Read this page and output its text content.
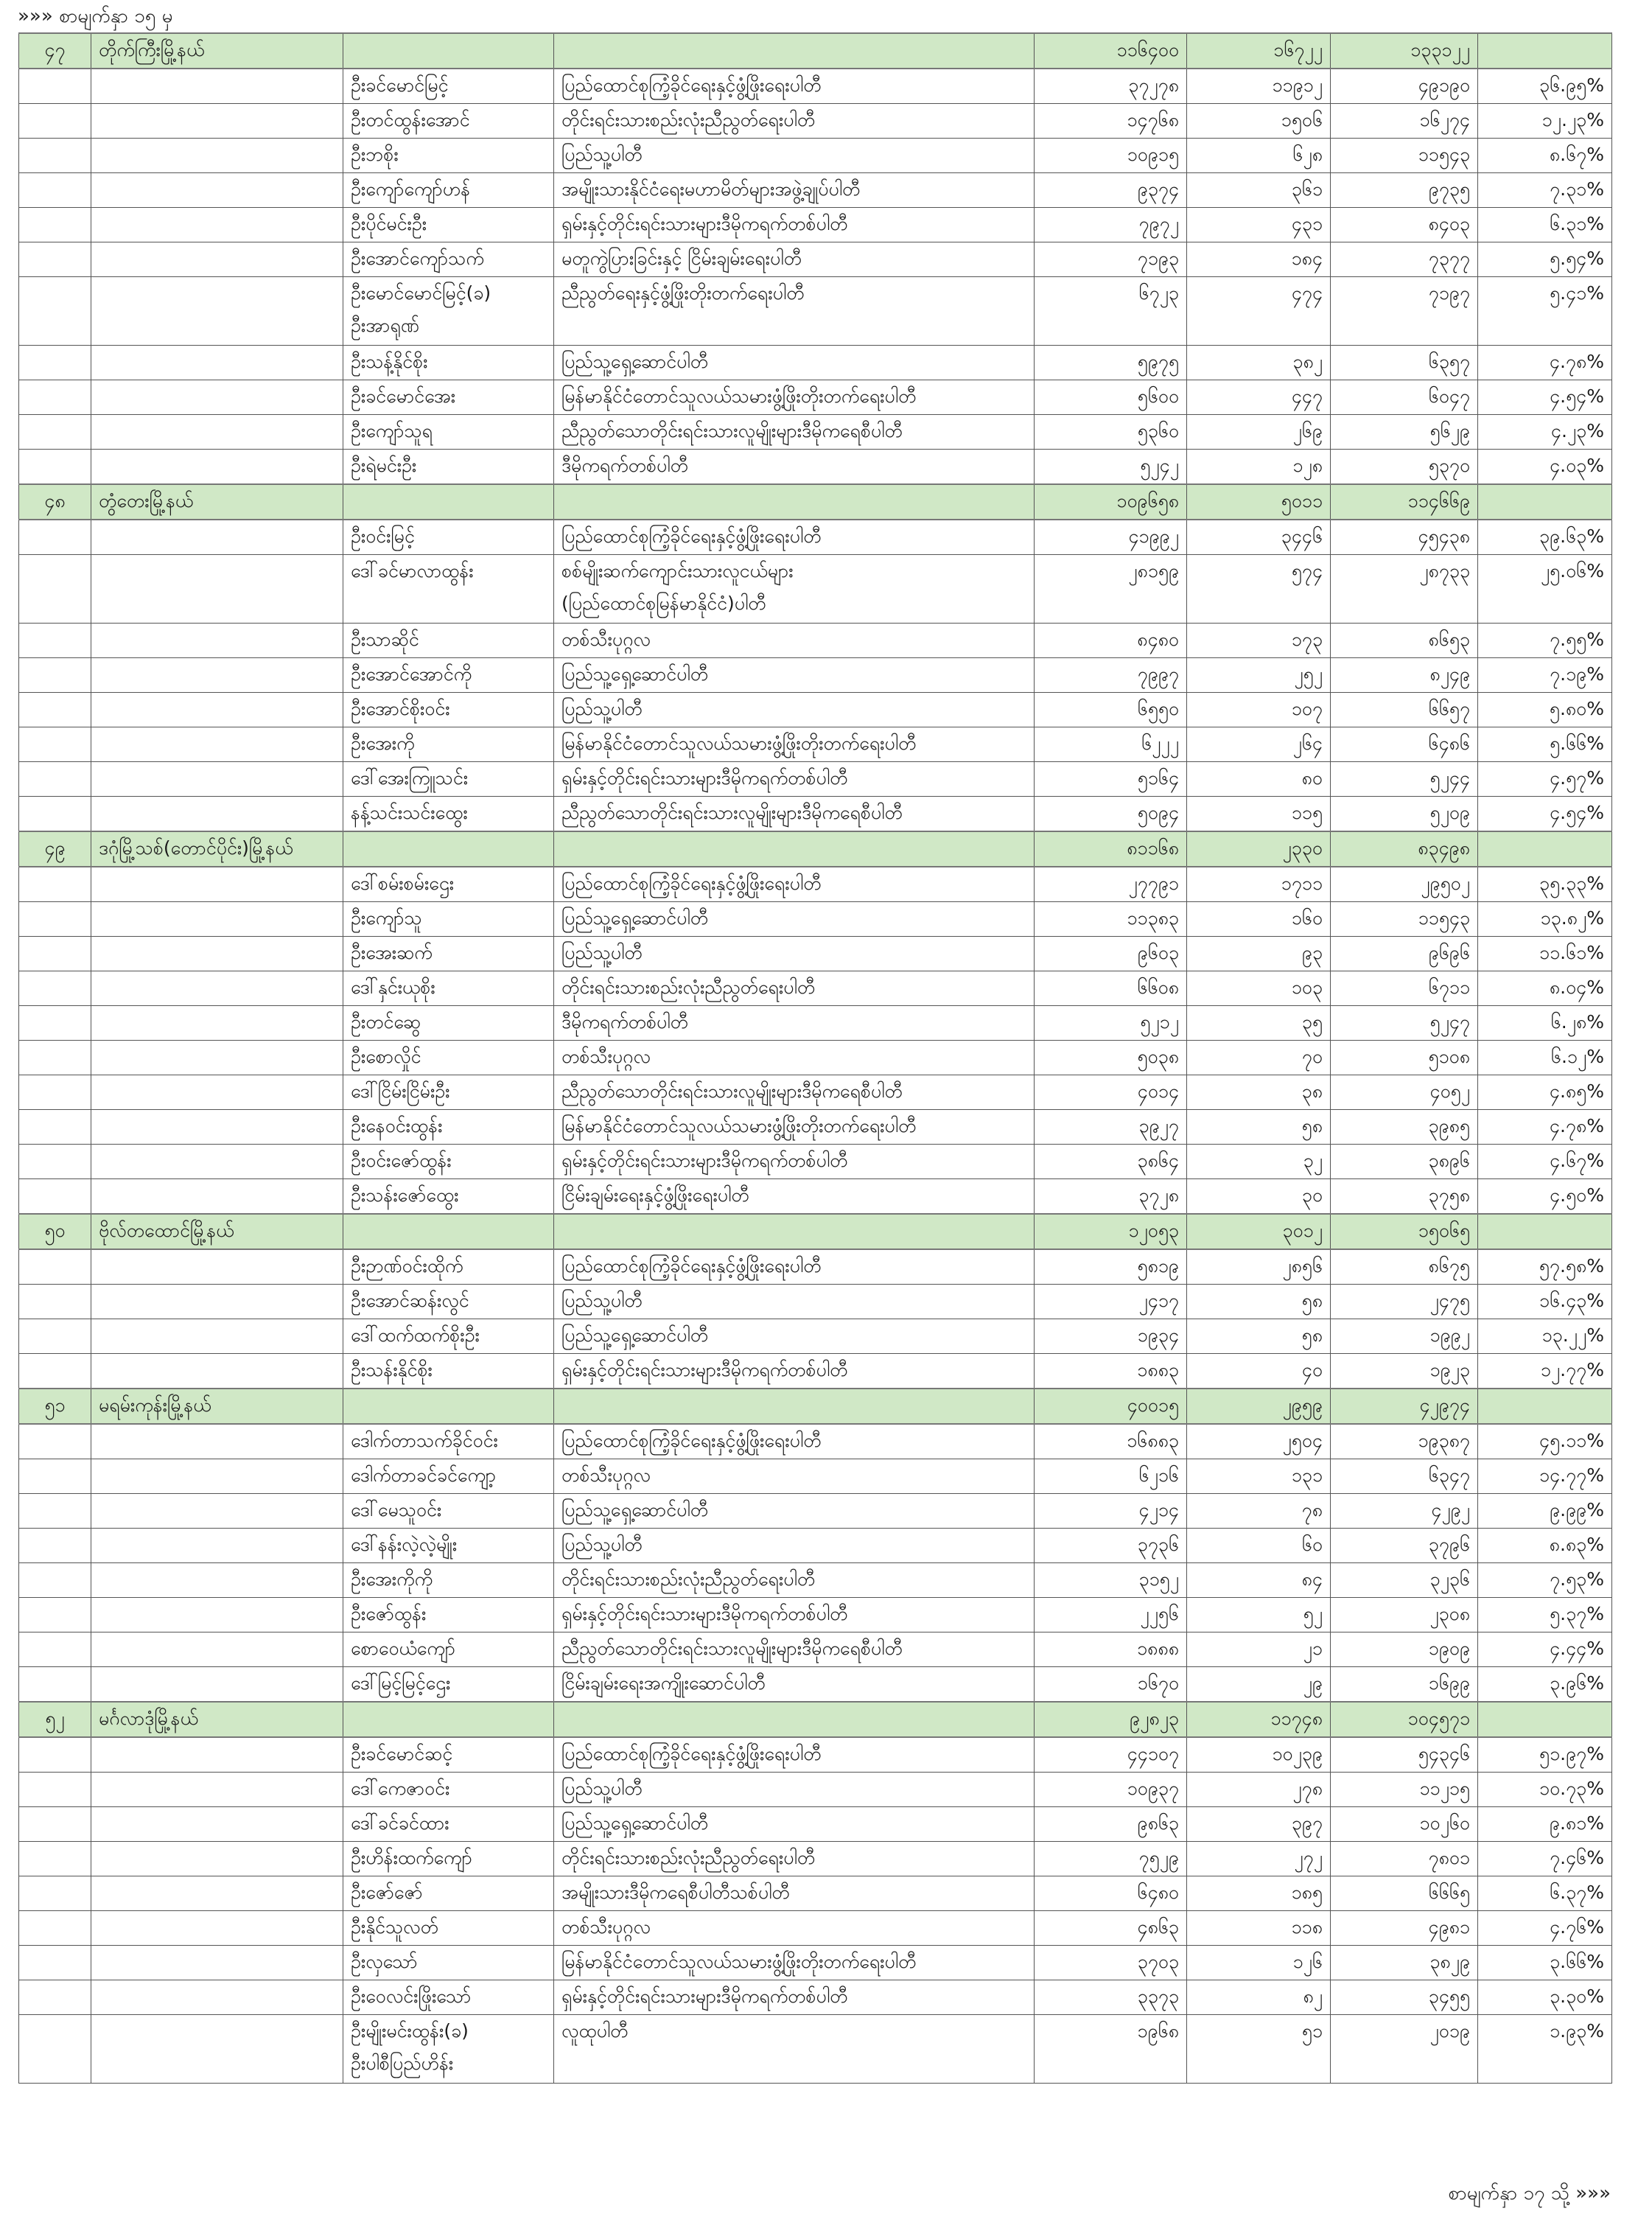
»»» စာမျက်နှာ ၁၅ မှ
၄၇	တိုက်ကြီးမြို့နယ်			၁၁၆၄၀၀	၁၆၇၂၂	၁၃၃၁၂၂	

		ဦးခင်မောင်မြင့်	ပြည်ထောင်စုကြံ့ခိုင်ရေးနှင့်ဖွံ့ဖြိုးရေးပါတီ	၃၇၂၇၈	၁၁၉၁၂	၄၉၁၉၀	၃၆.၉၅%

		ဦးတင်ထွန်းအောင်	တိုင်းရင်းသားစည်းလုံးညီညွတ်ရေးပါတီ	၁၄၇၆၈	၁၅၀၆	၁၆၂၇၄	၁၂.၂၃%

		ဦးဘစိုး	ပြည်သူ့ပါတီ	၁၀၉၁၅	၆၂၈	၁၁၅၄၃	၈.၆၇%

		ဦးကျော်ကျော်ဟန်	အမျိုးသားနိုင်ငံရေးမဟာမိတ်များအဖွဲ့ချုပ်ပါတီ	၉၃၇၄	၃၆၁	၉၇၃၅	၇.၃၁%

		ဦးပိုင်မင်းဦး	ရှမ်းနှင့်တိုင်းရင်းသားများဒီမိုကရက်တစ်ပါတီ	၇၉၇၂	၄၃၁	၈၄၀၃	၆.၃၁%

		ဦးအောင်ကျော်သက်	မတူကွဲပြားခြင်းနှင့် ငြိမ်းချမ်းရေးပါတီ	၇၁၉၃	၁၈၄	၇၃၇၇	၅.၅၄%

		ဦးမောင်မောင်မြင့်(ခ)
ဦးအာရုဏ်	ညီညွတ်ရေးနှင့်ဖွံ့ဖြိုးတိုးတက်ရေးပါတီ	၆၇၂၃	၄၇၄	၇၁၉၇	၅.၄၁%

		ဦးသန့်နိုင်စိုး	ပြည်သူ့ရှေ့ဆောင်ပါတီ	၅၉၇၅	၃၈၂	၆၃၅၇	၄.၇၈%

		ဦးခင်မောင်အေး	မြန်မာနိုင်ငံတောင်သူလယ်သမားဖွံ့ဖြိုးတိုးတက်ရေးပါတီ	၅၆၀၀	၄၄၇	၆၀၄၇	၄.၅၄%

		ဦးကျော်သူရ	ညီညွတ်သောတိုင်းရင်းသားလူမျိုးများဒီမိုကရေစီပါတီ	၅၃၆၀	၂၆၉	၅၆၂၉	၄.၂၃%

		ဦးရဲမင်းဦး	ဒီမိုကရက်တစ်ပါတီ	၅၂၄၂	၁၂၈	၅၃၇၀	၄.၀၃%
၄၈	တွံတေးမြို့နယ်			၁၀၉၆၅၈	၅၀၁၁	၁၁၄၆၆၉	

		ဦးဝင်းမြင့်	ပြည်ထောင်စုကြံ့ခိုင်ရေးနှင့်ဖွံ့ဖြိုးရေးပါတီ	၄၁၉၉၂	၃၄၄၆	၄၅၄၃၈	၃၉.၆၃%

		ဒေါ်ခင်မာလာထွန်း	စစ်မျိုးဆက်ကျောင်းသားလူငယ်များ
(ပြည်ထောင်စုမြန်မာနိုင်ငံ)ပါတီ	၂၈၁၅၉	၅၇၄	၂၈၇၃၃	၂၅.၀၆%

		ဦးသာဆိုင်	တစ်သီးပုဂ္ဂလ	၈၄၈၀	၁၇၃	၈၆၅၃	၇.၅၅%

		ဦးအောင်အောင်ကို	ပြည်သူ့ရှေ့ဆောင်ပါတီ	၇၉၉၇	၂၅၂	၈၂၄၉	၇.၁၉%

		ဦးအောင်စိုးဝင်း	ပြည်သူ့ပါတီ	၆၅၅၀	၁၀၇	၆၆၅၇	၅.၈၀%

		ဦးအေးကို	မြန်မာနိုင်ငံတောင်သူလယ်သမားဖွံ့ဖြိုးတိုးတက်ရေးပါတီ	၆၂၂၂	၂၆၄	၆၄၈၆	၅.၆၆%

		ဒေါ်အေးကြူသင်း	ရှမ်းနှင့်တိုင်းရင်းသားများဒီမိုကရက်တစ်ပါတီ	၅၁၆၄	၈၀	၅၂၄၄	၄.၅၇%

		နန့်သင်းသင်းထွေး	ညီညွတ်သောတိုင်းရင်းသားလူမျိုးများဒီမိုကရေစီပါတီ	၅၀၉၄	၁၁၅	၅၂၀၉	၄.၅၄%
၄၉	ဒဂုံမြို့သစ်(တောင်ပိုင်း)မြို့နယ်			၈၁၁၆၈	၂၃၃၀	၈၃၄၉၈	

		ဒေါ်စမ်းစမ်းဌေး	ပြည်ထောင်စုကြံ့ခိုင်ရေးနှင့်ဖွံ့ဖြိုးရေးပါတီ	၂၇၇၉၁	၁၇၁၁	၂၉၅၀၂	၃၅.၃၃%

		ဦးကျော်သူ	ပြည်သူ့ရှေ့ဆောင်ပါတီ	၁၁၃၈၃	၁၆၀	၁၁၅၄၃	၁၃.၈၂%

		ဦးအေးဆက်	ပြည်သူ့ပါတီ	၉၆၀၃	၉၃	၉၆၉၆	၁၁.၆၁%

		ဒေါ်နှင်းယုစိုး	တိုင်းရင်းသားစည်းလုံးညီညွတ်ရေးပါတီ	၆၆၀၈	၁၀၃	၆၇၁၁	၈.၀၄%

		ဦးတင်ဆွေ	ဒီမိုကရက်တစ်ပါတီ	၅၂၁၂	၃၅	၅၂၄၇	၆.၂၈%

		ဦးစောလှိုင်	တစ်သီးပုဂ္ဂလ	၅၀၃၈	၇၀	၅၁၀၈	၆.၁၂%

		ဒေါ်ငြိမ်းငြိမ်းဦး	ညီညွတ်သောတိုင်းရင်းသားလူမျိုးများဒီမိုကရေစီပါတီ	၄၀၁၄	၃၈	၄၀၅၂	၄.၈၅%

		ဦးနေဝင်းထွန်း	မြန်မာနိုင်ငံတောင်သူလယ်သမားဖွံ့ဖြိုးတိုးတက်ရေးပါတီ	၃၉၂၇	၅၈	၃၉၈၅	၄.၇၈%

		ဦးဝင်းဇော်ထွန်း	ရှမ်းနှင့်တိုင်းရင်းသားများဒီမိုကရက်တစ်ပါတီ	၃၈၆၄	၃၂	၃၈၉၆	၄.၆၇%

		ဦးသန်းဇော်ထွေး	ငြိမ်းချမ်းရေးနှင့်ဖွံ့ဖြိုးရေးပါတီ	၃၇၂၈	၃၀	၃၇၅၈	၄.၅၀%
၅၀	ဗိုလ်တထောင်မြို့နယ်			၁၂၀၅၃	၃၀၁၂	၁၅၀၆၅	

		ဦးဉာဏ်ဝင်းထိုက်	ပြည်ထောင်စုကြံ့ခိုင်ရေးနှင့်ဖွံ့ဖြိုးရေးပါတီ	၅၈၁၉	၂၈၅၆	၈၆၇၅	၅၇.၅၈%

		ဦးအောင်ဆန်းလွင်	ပြည်သူ့ပါတီ	၂၄၁၇	၅၈	၂၄၇၅	၁၆.၄၃%

		ဒေါ်ထက်ထက်စိုးဦး	ပြည်သူ့ရှေ့ဆောင်ပါတီ	၁၉၃၄	၅၈	၁၉၉၂	၁၃.၂၂%

		ဦးသန်းနိုင်စိုး	ရှမ်းနှင့်တိုင်းရင်းသားများဒီမိုကရက်တစ်ပါတီ	၁၈၈၃	၄၀	၁၉၂၃	၁၂.၇၇%
၅၁	မရမ်းကုန်းမြို့နယ်			၄၀၀၁၅	၂၉၅၉	၄၂၉၇၄	

		ဒေါက်တာသက်ခိုင်ဝင်း	ပြည်ထောင်စုကြံ့ခိုင်ရေးနှင့်ဖွံ့ဖြိုးရေးပါတီ	၁၆၈၈၃	၂၅၀၄	၁၉၃၈၇	၄၅.၁၁%

		ဒေါက်တာခင်ခင်ကျော့	တစ်သီးပုဂ္ဂလ	၆၂၁၆	၁၃၁	၆၃၄၇	၁၄.၇၇%

		ဒေါ်မေသူဝင်း	ပြည်သူ့ရှေ့ဆောင်ပါတီ	၄၂၁၄	၇၈	၄၂၉၂	၉.၉၉%

		ဒေါ်နန်းလဲ့လဲ့မျိုး	ပြည်သူ့ပါတီ	၃၇၃၆	၆၀	၃၇၉၆	၈.၈၃%

		ဦးအေးကိုကို	တိုင်းရင်းသားစည်းလုံးညီညွတ်ရေးပါတီ	၃၁၅၂	၈၄	၃၂၃၆	၇.၅၃%

		ဦးဇော်ထွန်း	ရှမ်းနှင့်တိုင်းရင်းသားများဒီမိုကရက်တစ်ပါတီ	၂၂၅၆	၅၂	၂၃၀၈	၅.၃၇%

		စောဝေယံကျော်	ညီညွတ်သောတိုင်းရင်းသားလူမျိုးများဒီမိုကရေစီပါတီ	၁၈၈၈	၂၁	၁၉၀၉	၄.၄၄%

		ဒေါ်မြင့်မြင့်ဌေး	ငြိမ်းချမ်းရေးအကျိုးဆောင်ပါတီ	၁၆၇၀	၂၉	၁၆၉၉	၃.၉၆%
၅၂	မင်္ဂလာဒုံမြို့နယ်			၉၂၈၂၃	၁၁၇၄၈	၁၀၄၅၇၁	

		ဦးခင်မောင်ဆင့်	ပြည်ထောင်စုကြံ့ခိုင်ရေးနှင့်ဖွံ့ဖြိုးရေးပါတီ	၄၄၁၀၇	၁၀၂၃၉	၅၄၃၄၆	၅၁.၉၇%

		ဒေါ်ကေဇာဝင်း	ပြည်သူ့ပါတီ	၁၀၉၃၇	၂၇၈	၁၁၂၁၅	၁၀.၇၃%

		ဒေါ်ခင်ခင်ထား	ပြည်သူ့ရှေ့ဆောင်ပါတီ	၉၈၆၃	၃၉၇	၁၀၂၆၀	၉.၈၁%

		ဦးဟိန်းထက်ကျော်	တိုင်းရင်းသားစည်းလုံးညီညွတ်ရေးပါတီ	၇၅၂၉	၂၇၂	၇၈၀၁	၇.၄၆%

		ဦးဇော်ဇော်	အမျိုးသားဒီမိုကရေစီပါတီသစ်ပါတီ	၆၄၈၀	၁၈၅	၆၆၆၅	၆.၃၇%

		ဦးနိုင်သူလတ်	တစ်သီးပုဂ္ဂလ	၄၈၆၃	၁၁၈	၄၉၈၁	၄.၇၆%

		ဦးလှသော်	မြန်မာနိုင်ငံတောင်သူလယ်သမားဖွံ့ဖြိုးတိုးတက်ရေးပါတီ	၃၇၀၃	၁၂၆	၃၈၂၉	၃.၆၆%

		ဦးဝေလင်းဖြိုးသော်	ရှမ်းနှင့်တိုင်းရင်းသားများဒီမိုကရက်တစ်ပါတီ	၃၃၇၃	၈၂	၃၄၅၅	၃.၃၀%

		ဦးမျိုးမင်းထွန်း(ခ)
ဦးပါစီပြည်ဟိန်း	လူထုပါတီ	၁၉၆၈	၅၁	၂၀၁၉	၁.၉၃%
စာမျက်နှာ ၁၇ သို့ »»»
